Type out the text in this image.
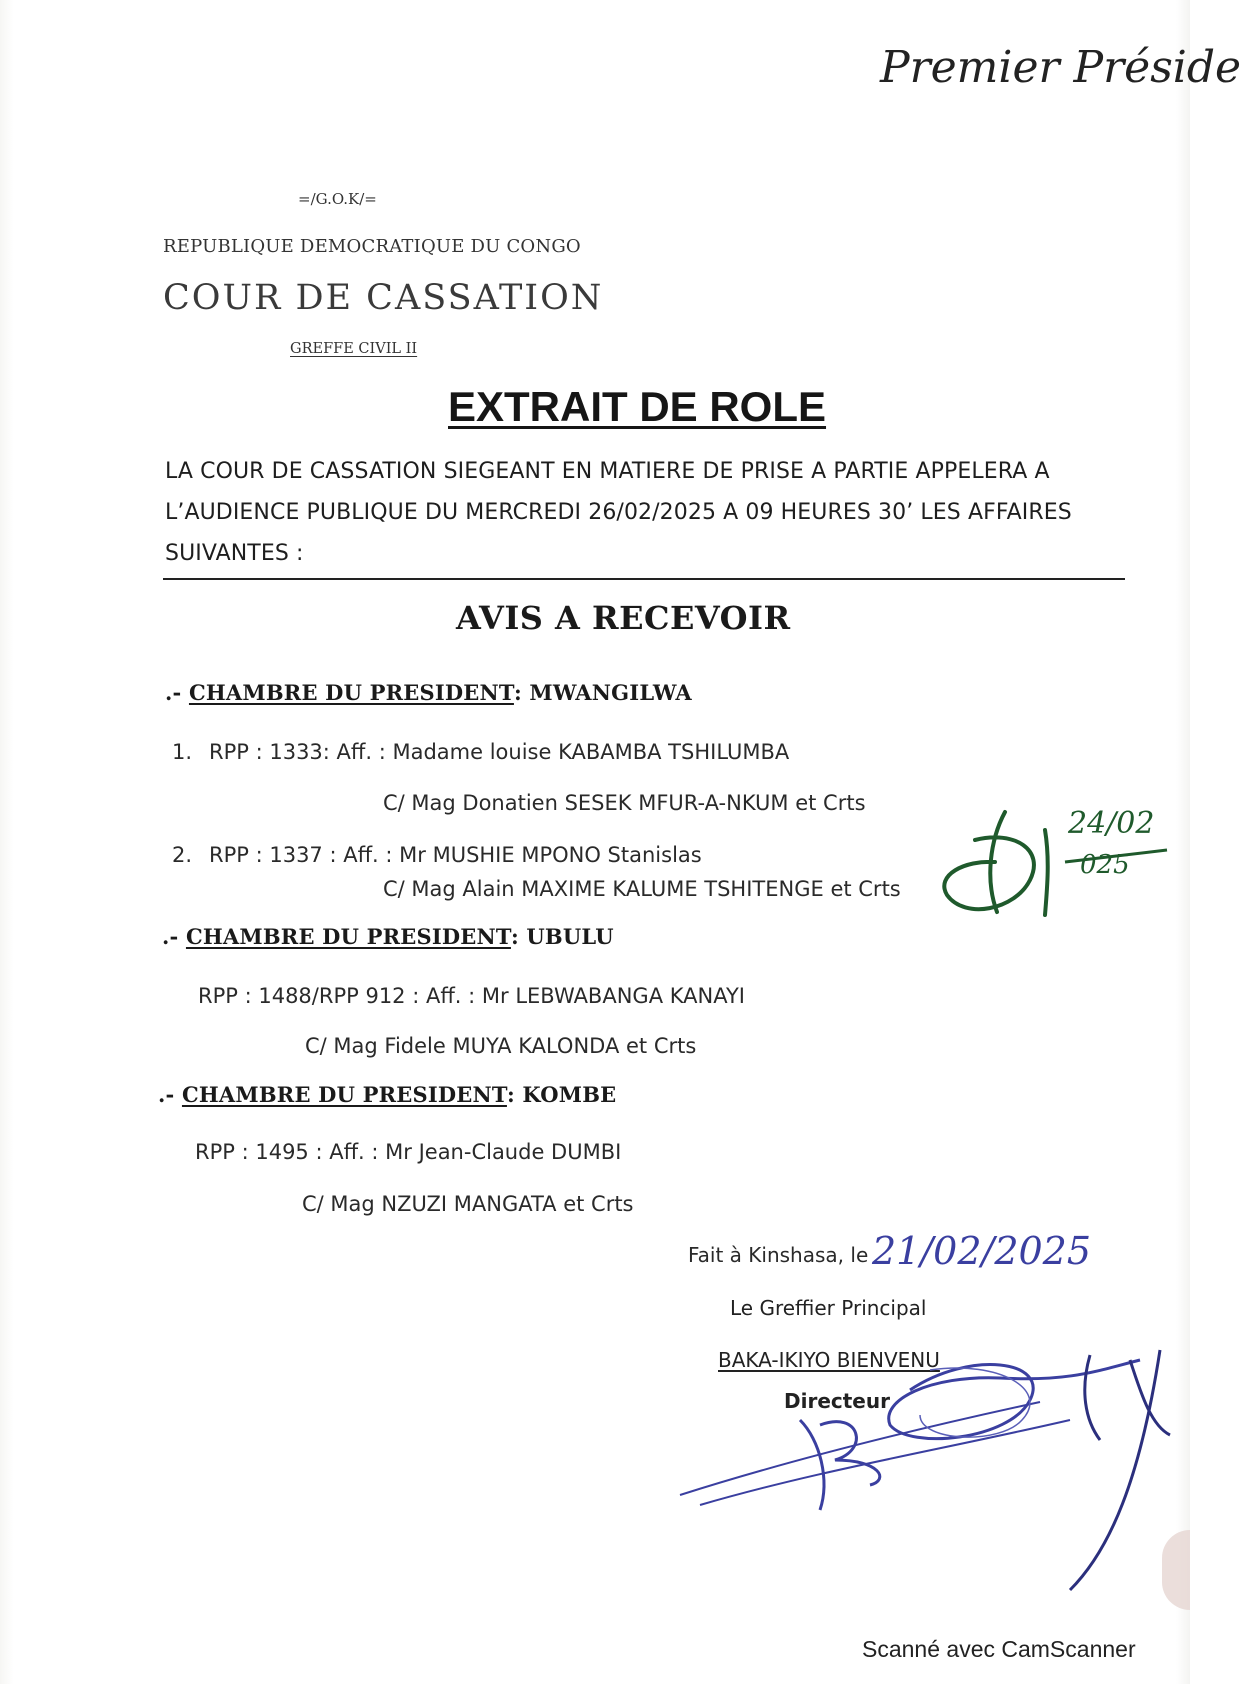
Premier Préside
=/G.O.K/=
REPUBLIQUE DEMOCRATIQUE DU CONGO
COUR DE CASSATION
GREFFE CIVIL II
EXTRAIT DE ROLE
LA COUR DE CASSATION SIEGEANT EN MATIERE DE PRISE A PARTIE APPELERA A L’AUDIENCE PUBLIQUE DU MERCREDI 26/02/2025 A 09 HEURES 30’ LES AFFAIRES SUIVANTES :
AVIS A RECEVOIR
.- CHAMBRE DU PRESIDENT: MWANGILWA
1. RPP : 1333: Aff. : Madame louise KABAMBA TSHILUMBA
C/ Mag Donatien SESEK MFUR-A-NKUM et Crts
2. RPP : 1337 : Aff. : Mr MUSHIE MPONO Stanislas
C/ Mag Alain MAXIME KALUME TSHITENGE et Crts
24/02
025
.- CHAMBRE DU PRESIDENT: UBULU
RPP : 1488/RPP 912 : Aff. : Mr LEBWABANGA KANAYI
C/ Mag Fidele MUYA KALONDA et Crts
.- CHAMBRE DU PRESIDENT: KOMBE
RPP : 1495 : Aff. : Mr Jean-Claude DUMBI
C/ Mag NZUZI MANGATA et Crts
Fait à Kinshasa, le 21/02/2025
Le Greffier Principal
BAKA-IKIYO BIENVENU
Directeur
Scanné avec CamScanner
